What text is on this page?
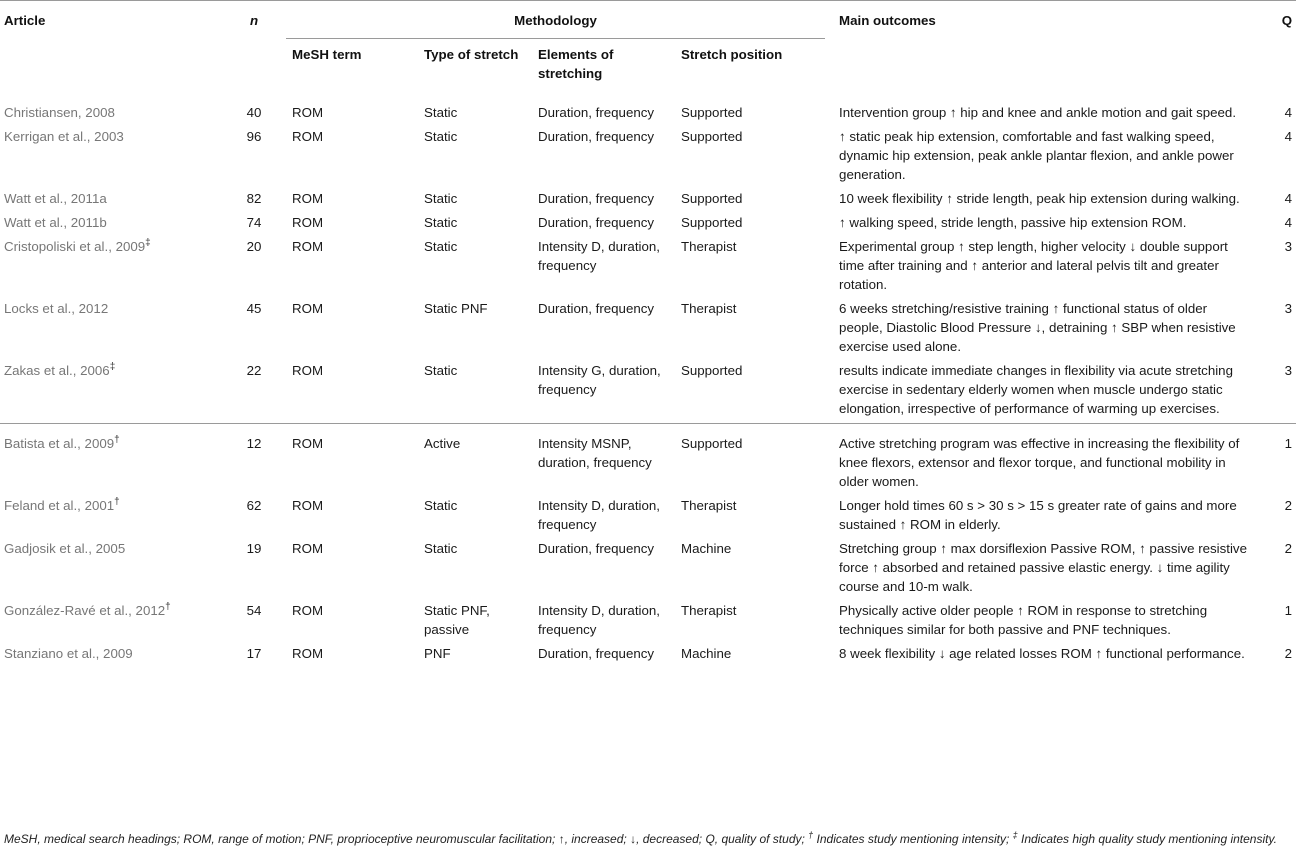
Article	n	Methodology				Main outcomes	Q
		MeSH term	Type of stretch	Elements of stretching	Stretch position		
Christiansen, 2008	40	ROM	Static	Duration, frequency	Supported	Intervention group ↑ hip and knee and ankle motion and gait speed.	4
Kerrigan et al., 2003	96	ROM	Static	Duration, frequency	Supported	↑ static peak hip extension, comfortable and fast walking speed, dynamic hip extension, peak ankle plantar flexion, and ankle power generation.	4
Watt et al., 2011a	82	ROM	Static	Duration, frequency	Supported	10 week flexibility ↑ stride length, peak hip extension during walking.	4
Watt et al., 2011b	74	ROM	Static	Duration, frequency	Supported	↑ walking speed, stride length, passive hip extension ROM.	4
Cristopoliski et al., 2009‡	20	ROM	Static	Intensity D, duration, frequency	Therapist	Experimental group ↑ step length, higher velocity ↓ double support time after training and ↑ anterior and lateral pelvis tilt and greater rotation.	3
Locks et al., 2012	45	ROM	Static PNF	Duration, frequency	Therapist	6 weeks stretching/resistive training ↑ functional status of older people, Diastolic Blood Pressure ↓, detraining ↑ SBP when resistive exercise used alone.	3
Zakas et al., 2006‡	22	ROM	Static	Intensity G, duration, frequency	Supported	results indicate immediate changes in flexibility via acute stretching exercise in sedentary elderly women when muscle undergo static elongation, irrespective of performance of warming up exercises.	3
Batista et al., 2009†	12	ROM	Active	Intensity MSNP, duration, frequency	Supported	Active stretching program was effective in increasing the flexibility of knee flexors, extensor and flexor torque, and functional mobility in older women.	1
Feland et al., 2001†	62	ROM	Static	Intensity D, duration, frequency	Therapist	Longer hold times 60 s > 30 s > 15 s greater rate of gains and more sustained ↑ ROM in elderly.	2
Gadjosik et al., 2005	19	ROM	Static	Duration, frequency	Machine	Stretching group ↑ max dorsiflexion Passive ROM, ↑ passive resistive force ↑ absorbed and retained passive elastic energy. ↓ time agility course and 10-m walk.	2
González-Ravé et al., 2012†	54	ROM	Static PNF, passive	Intensity D, duration, frequency	Therapist	Physically active older people ↑ ROM in response to stretching techniques similar for both passive and PNF techniques.	1
Stanziano et al., 2009	17	ROM	PNF	Duration, frequency	Machine	8 week flexibility ↓ age related losses ROM ↑ functional performance.	2
MeSH, medical search headings; ROM, range of motion; PNF, proprioceptive neuromuscular facilitation; ↑, increased; ↓, decreased; Q, quality of study; † Indicates study mentioning intensity; ‡ Indicates high quality study mentioning intensity.
